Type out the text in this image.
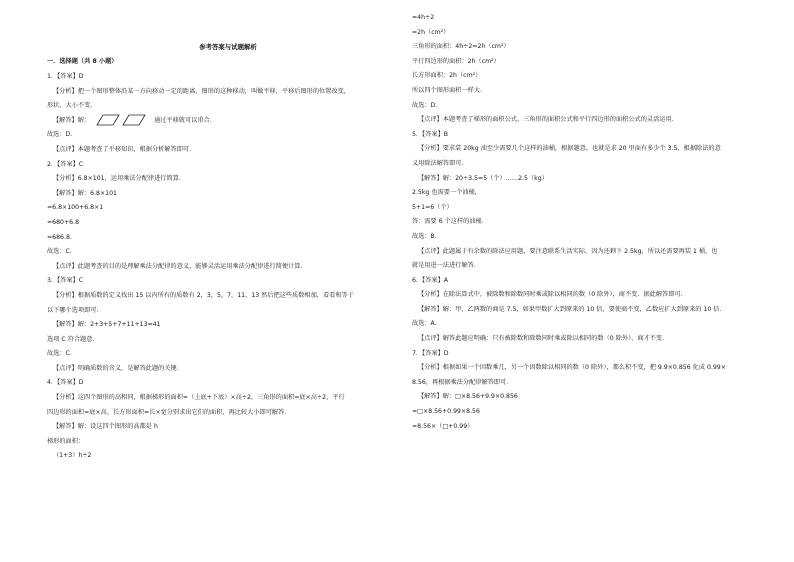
参考答案与试题解析
一．选择题（共 8 小题）
1．【答案】D
【分析】把一个图形整体沿某一方向移动一定的距离，图形的这种移动，叫做平移，平移后图形的位置改变，
形状、大小不变．
【解答】解：	通过平移就可以重合．
故选：D．
【点评】本题考查了平移知识，根据分析解答即可．
2．【答案】C
【分析】6.8×101，运用乘法分配律进行简算．
【解答】解：6.8×101
=6.8×100+6.8×1
=680+6.8
=686.8．
故选：C．
【点评】此题考查的目的是理解乘法分配律的意义，能够灵活运用乘法分配律进行简便计算．
3．【答案】C
【分析】根据质数的定义找出 15 以内所有的质数有 2，3，5，7，11，13 然后把这些质数相加，看看和等于
以下哪个选项即可．
【解答】解：2+3+5+7+11+13=41
选项 C 符合题意．
故选：C．
【点评】明确质数的含义，是解答此题的关键．
4．【答案】D
【分析】这四个图形的高相同，根据梯形的面积=（上底+下底）×高÷2，三角形的面积=底×高÷2，平行
四边形的面积=底×高，长方形面积=长×宽分别求出它们的面积，再比较大小即可解答．
【解答】解：设这四个图形的高都是 h
梯形的面积：
（1+3）h÷2
=4h÷2
=2h（cm²）
三角形的面积：4h÷2=2h（cm²）
平行四边形的面积：2h（cm²）
长方形面积：2h（cm²）
所以四个图形面积一样大．
故选：D．
【点评】本题考查了梯形的面积公式、三角形的面积公式和平行四边形的面积公式的灵活运用．
5．【答案】B
【分析】要求装 20kg 油至少需要几个这样的油桶，根据题意，也就是求 20 里面有多少个 3.5，根据除法的意
义用除法解答即可．
【解答】解：20÷3.5=5（个）……2.5（kg）
2.5kg 也需要一个油桶，
5+1=6（个）
答：需要 6 个这样的油桶．
故选：B．
【点评】此题属于有余数的除法应用题，要注意联系生活实际，因为还剩下 2.5kg，所以还需要再装 1 桶，也
就是用进一法进行解答．
6．【答案】A
【分析】在除法算式中，被除数和除数同时乘或除以相同的数（0 除外），商不变．据此解答即可．
【解答】解：甲、乙两数的商是 7.5，如果甲数扩大到原来的 10 倍，要使商不变，乙数应扩大到原来的 10 倍．
故选：A．
【点评】解答此题应明确：只有被除数和除数同时乘或除以相同的数（0 除外），商才不变．
7．【答案】D
【分析】根据如果一个因数乘几，另一个因数除以相同的数（0 除外），那么积不变，把 9.9×0.856 化成 0.99×
8.56，再根据乘法分配律解答即可．
【解答】解：□×8.56+9.9×0.856
=□×8.56+0.99×8.56
=8.56×（□+0.99）
